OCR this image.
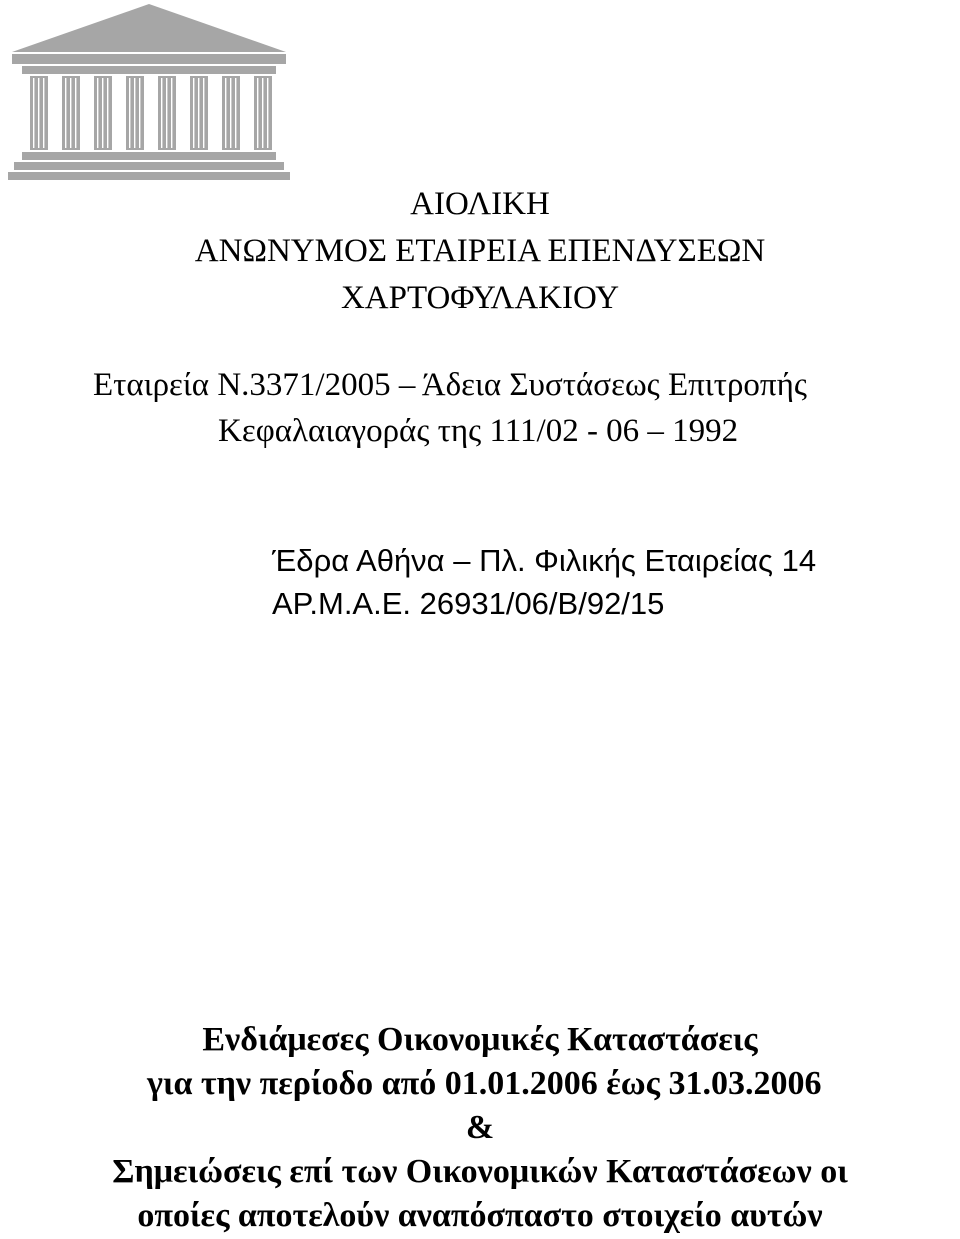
ΑΙΟΛΙΚΗ
ΑΝΩΝΥΜΟΣ ΕΤΑΙΡΕΙΑ ΕΠΕΝΔΥΣΕΩΝ
ΧΑΡΤΟΦΥΛΑΚΙΟΥ
Εταιρεία Ν.3371/2005 – Άδεια Συστάσεως Επιτροπής
Κεφαλαιαγοράς της 111/02 - 06 – 1992
Έδρα Αθήνα – Πλ. Φιλικής Εταιρείας 14
ΑΡ.Μ.Α.Ε. 26931/06/Β/92/15
Ενδιάμεσες Οικονομικές Καταστάσεις
για την περίοδο από 01.01.2006 έως 31.03.2006
&
Σημειώσεις επί των Οικονομικών Καταστάσεων οι
οποίες αποτελούν αναπόσπαστο στοιχείο αυτών
